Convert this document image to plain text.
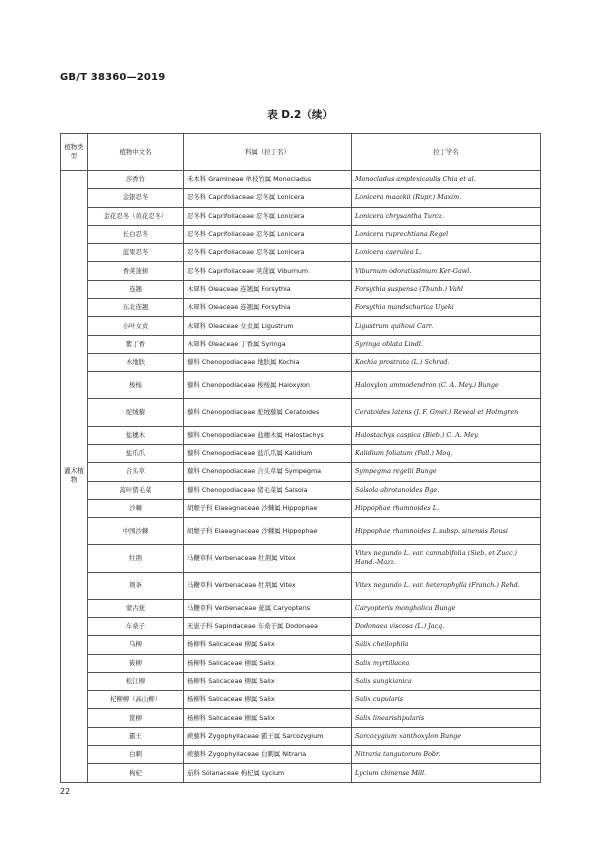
GB/T 38360—2019
表 D.2（续）
植物类型	植物中文名	科属（拉丁名）	拉丁学名
灌木植物	莎香竹	禾本科 Gramineae 单枝竹属 Monocladus	Monocladus amplexicaulis Chia et al.
	金银忍冬	忍冬科 Caprifoliaceae 忍冬属 Lonicera	Lonicera maackii (Rupr.) Maxim.
	金花忍冬（黄花忍冬）	忍冬科 Caprifoliaceae 忍冬属 Lonicera	Lonicera chrysantha Turcz.
	长白忍冬	忍冬科 Caprifoliaceae 忍冬属 Lonicera	Lonicera ruprechtiana Regel
	蓝果忍冬	忍冬科 Caprifoliaceae 忍冬属 Lonicera	Lonicera caerulea L.
	香荚蒾树	忍冬科 Caprifoliaceae 荚蒾属 Viburnum	Viburnum odoratissimum Ker-Gawl.
	连翘	木犀科 Oleaceae 连翘属 Forsythia	Forsythia suspensa (Thunb.) Vahl
	东北连翘	木犀科 Oleaceae 连翘属 Forsythia	Forsythia mandschurica Uyeki
	小叶女贞	木犀科 Oleaceae 女贞属 Ligustrum	Ligustrum quihoui Carr.
	紫丁香	木犀科 Oleaceae 丁香属 Syringa	Syringa oblata Lindl.
	木地肤	藜科 Chenopodiaceae 地肤属 Kochia	Kochia prostrata (L.) Schrad.
	梭梭	藜科 Chenopodiaceae 梭梭属 Haloxylon	Haloxylon ammodendron (C. A. Mey.) Bunge
	驼绒藜	藜科 Chenopodiaceae 驼绒藜属 Ceratoides	Ceratoides latens (J. F. Gmel.) Reveal et Holmgren
	盐穗木	藜科 Chenopodiaceae 盐穗木属 Halostachys	Halostachys caspica (Bieb.) C. A. Mey.
	盐爪爪	藜科 Chenopodiaceae 盐爪爪属 Kalidium	Kalidium foliatum (Pall.) Moq.
	合头草	藜科 Chenopodiaceae 合头草属 Sympegma	Sympegma regelii Bunge
	蒿叶猪毛菜	藜科 Chenopodiaceae 猪毛菜属 Salsola	Salsola abrotanoides Bge.
	沙棘	胡颓子科 Elaeagnaceae 沙棘属 Hippophae	Hippophae rhamnoides L.
	中国沙棘	胡颓子科 Elaeagnaceae 沙棘属 Hippophae	Hippophae rhamnoides L.subsp. sinensis Rousi
	牡荆	马鞭草科 Verbenaceae 牡荆属 Vitex	Vitex negundo L. var. cannabifolia (Sieb. et Zucc.) Hand.-Mazz.
	荆条	马鞭草科 Verbenaceae 牡荆属 Vitex	Vitex negundo L. var. heterophylla (Franch.) Rehd.
	蒙古莸	马鞭草科 Verbenaceae 莸属 Caryopteris	Caryopteris mongholica Bunge
	车桑子	无患子科 Sapindaceae 车桑子属 Dodonaea	Dodonaea viscosa (L.) Jacq.
	乌柳	杨柳科 Salicaceae 柳属 Salix	Salix cheilophila
	筱柳	杨柳科 Salicaceae 柳属 Salix	Salix myrtillacea
	松江柳	杨柳科 Salicaceae 柳属 Salix	Salix sungkianica
	杞柳柳（高山柳）	杨柳科 Salicaceae 柳属 Salix	Salix cupularis
	筐柳	杨柳科 Salicaceae 柳属 Salix	Salix linearistipularis
	霸王	蒺藜科 Zygophyllaceae 霸王属 Sarcozygium	Sarcozygium xanthoxylon Bunge
	白刺	蒺藜科 Zygophyllaceae 白刺属 Nitraria	Nitraria tangutorum Bobr.
	枸杞	茄科 Solanaceae 枸杞属 Lycium	Lycium chinense Mill.
22
